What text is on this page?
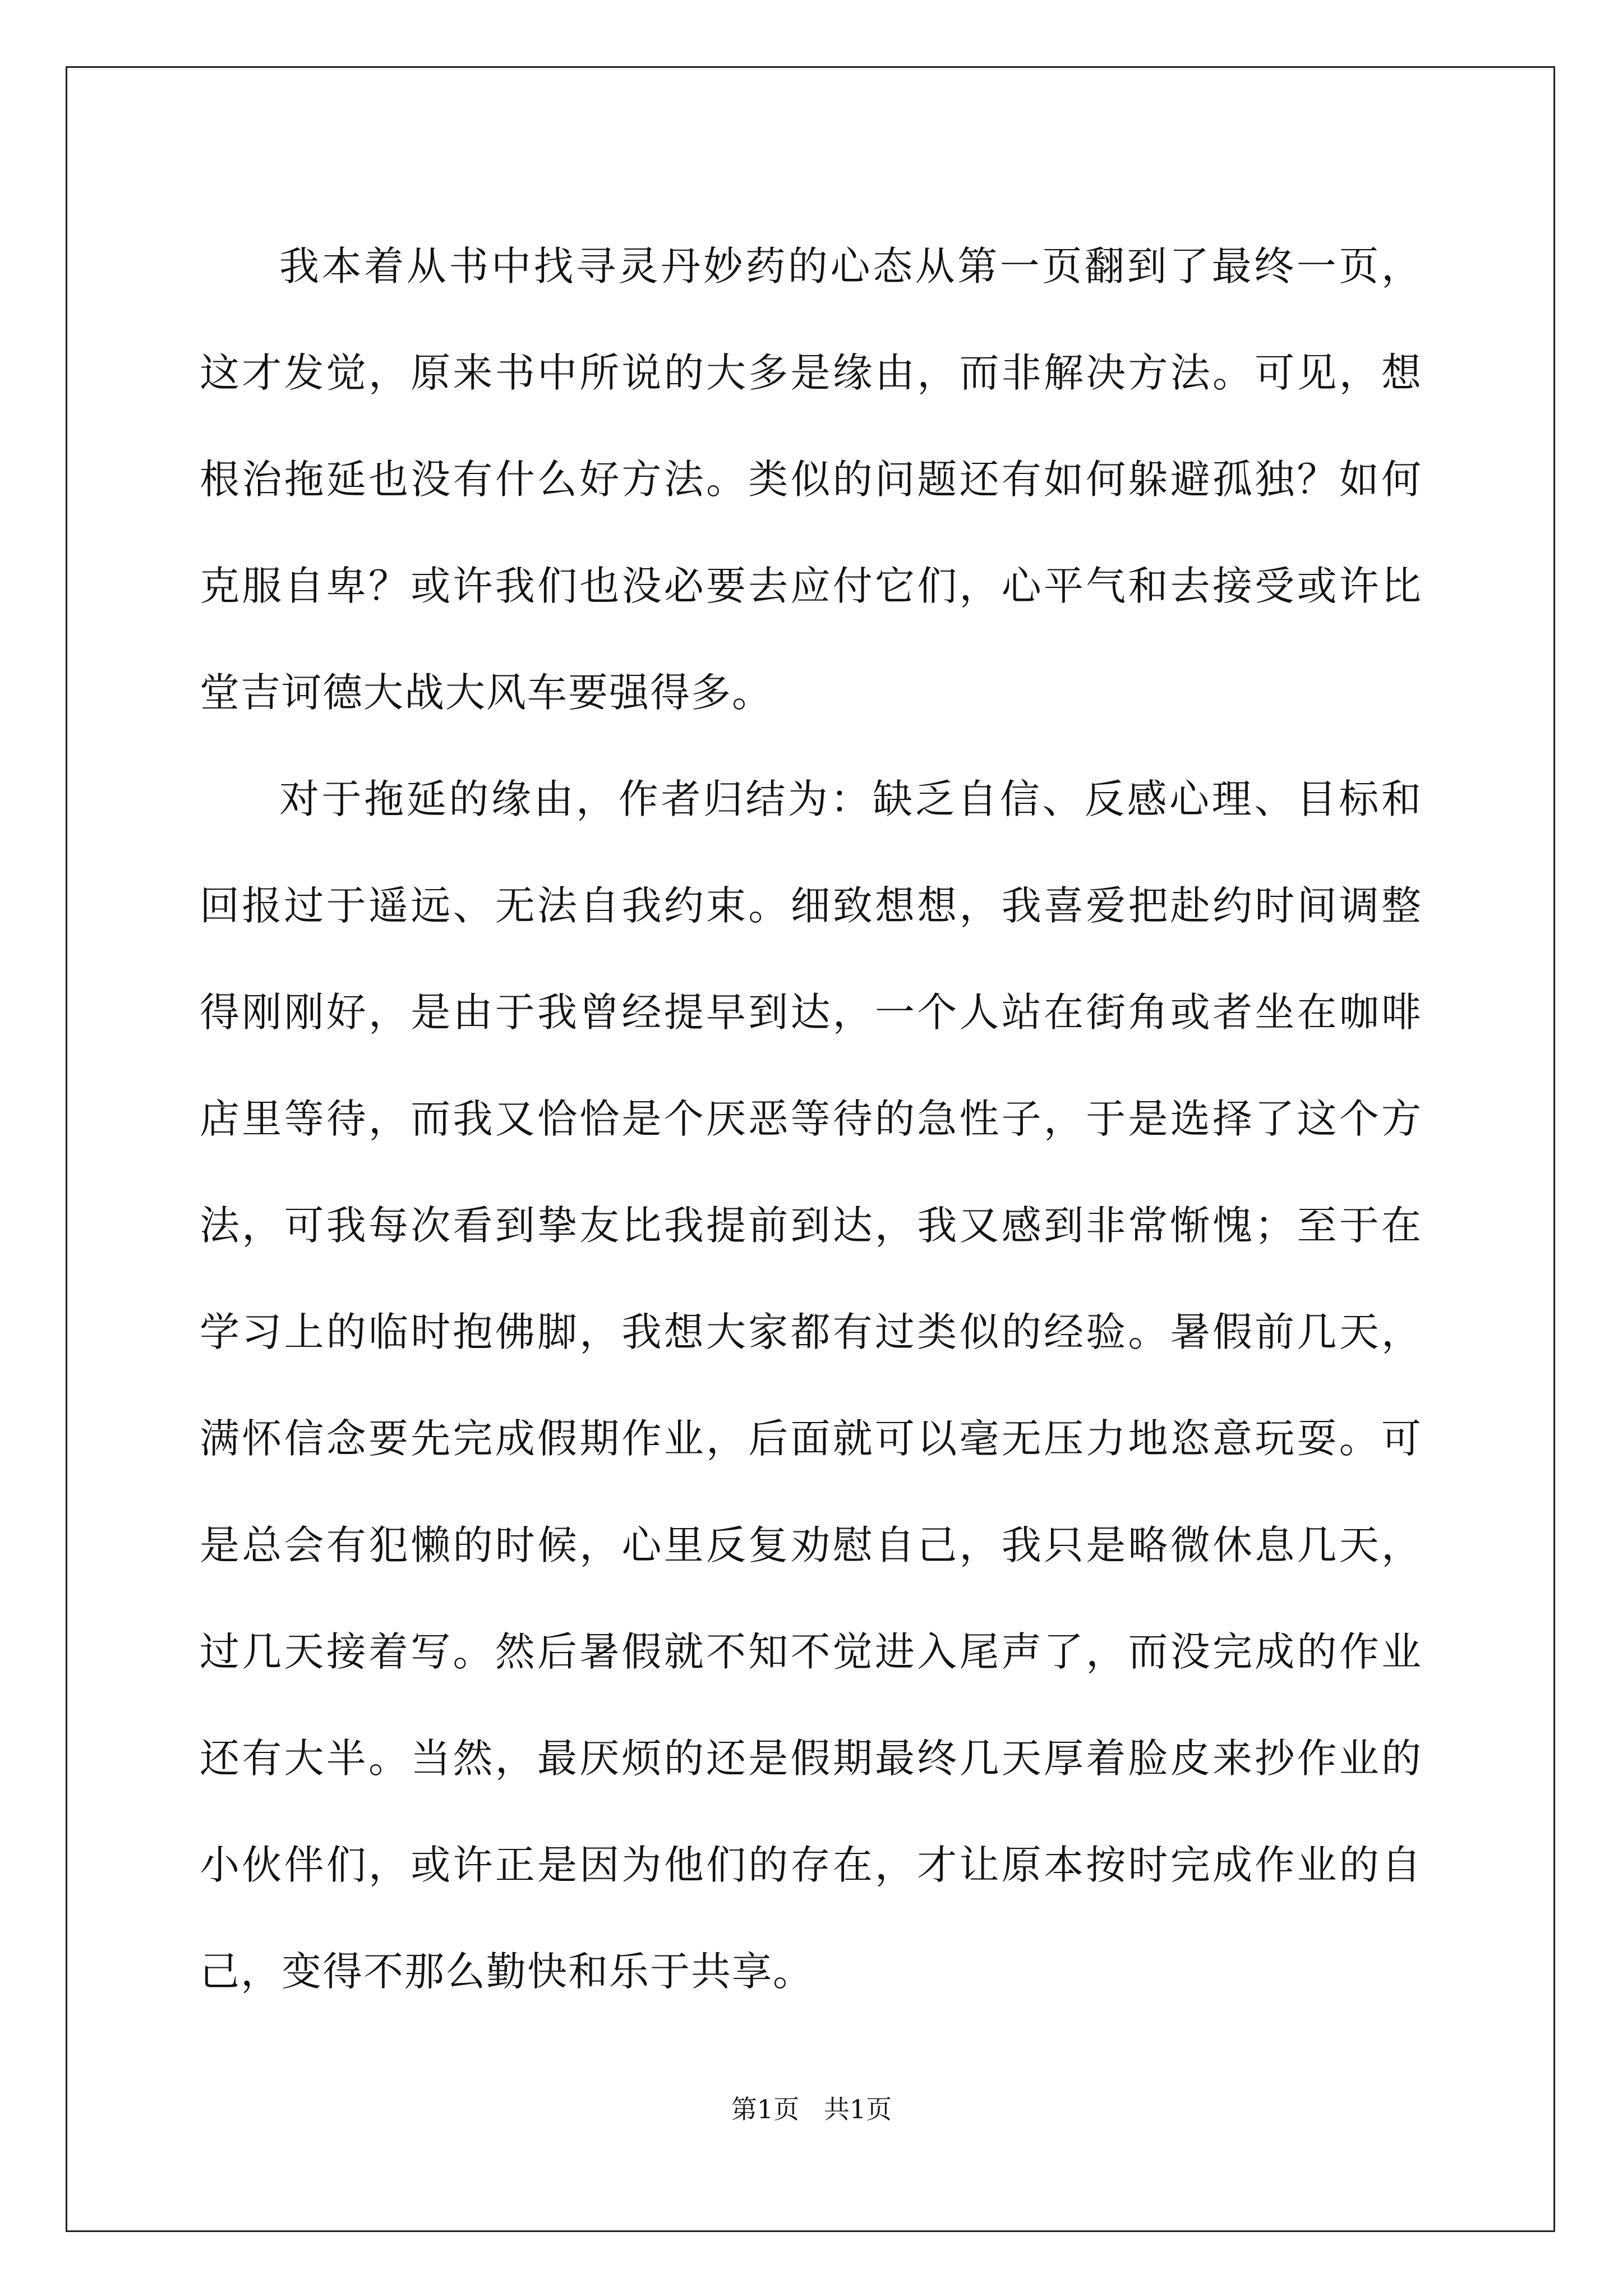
我本着从书中找寻灵丹妙药的心态从第一页翻到了最终一页，这才发觉，原来书中所说的大多是缘由，而非解决方法。可见，想根治拖延也没有什么好方法。类似的问题还有如何躲避孤独？如何克服自卑？或许我们也没必要去应付它们，心平气和去接受或许比堂吉诃德大战大风车要强得多。

对于拖延的缘由，作者归结为：缺乏自信、反感心理、目标和回报过于遥远、无法自我约束。细致想想，我喜爱把赴约时间调整得刚刚好，是由于我曾经提早到达，一个人站在街角或者坐在咖啡店里等待，而我又恰恰是个厌恶等待的急性子，于是选择了这个方法，可我每次看到挚友比我提前到达，我又感到非常惭愧；至于在学习上的临时抱佛脚，我想大家都有过类似的经验。暑假前几天，满怀信念要先完成假期作业，后面就可以毫无压力地恣意玩耍。可是总会有犯懒的时候，心里反复劝慰自己，我只是略微休息几天，过几天接着写。然后暑假就不知不觉进入尾声了，而没完成的作业还有大半。当然，最厌烦的还是假期最终几天厚着脸皮来抄作业的小伙伴们，或许正是因为他们的存在，才让原本按时完成作业的自己，变得不那么勤快和乐于共享。

第1页   共1页
